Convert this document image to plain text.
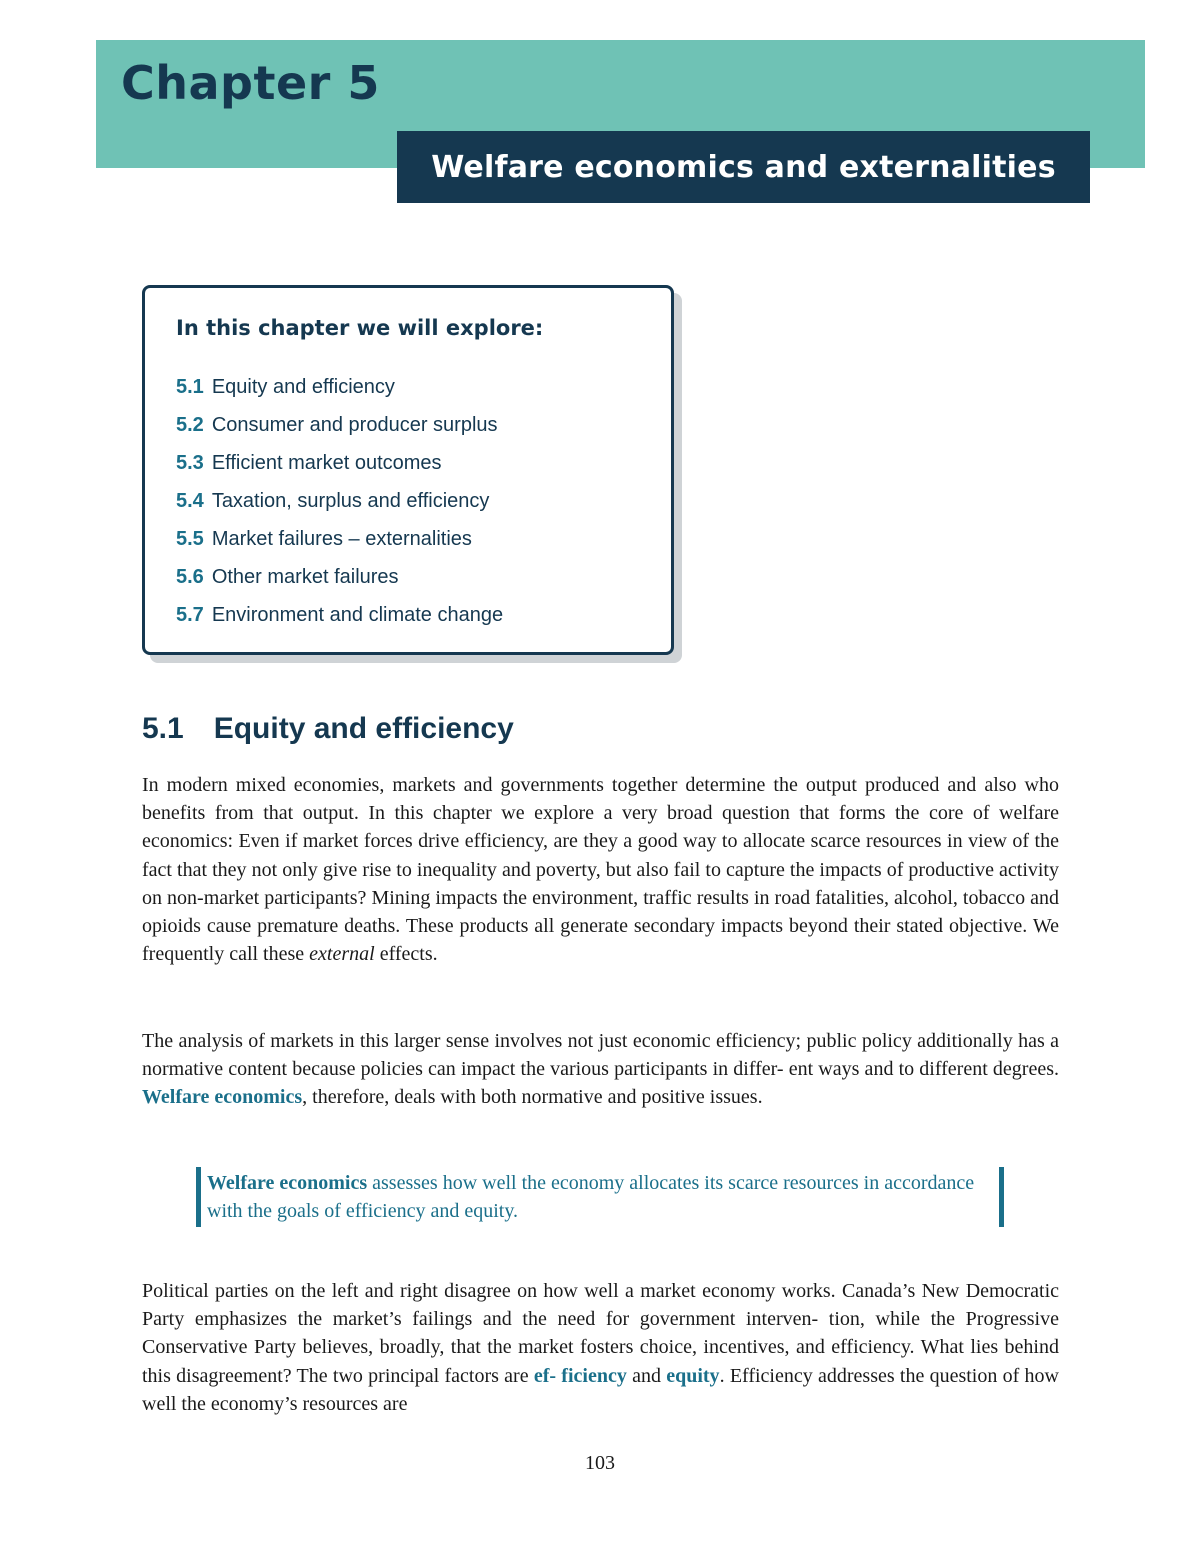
Chapter 5
Welfare economics and externalities
In this chapter we will explore:
5.1 Equity and efficiency
5.2 Consumer and producer surplus
5.3 Efficient market outcomes
5.4 Taxation, surplus and efficiency
5.5 Market failures – externalities
5.6 Other market failures
5.7 Environment and climate change
5.1 Equity and efficiency

In modern mixed economies, markets and governments together determine the output produced and also who benefits from that output. In this chapter we explore a very broad question that forms the core of welfare economics: Even if market forces drive efficiency, are they a good way to allocate scarce resources in view of the fact that they not only give rise to inequality and poverty, but also fail to capture the impacts of productive activity on non-market participants? Mining impacts the environment, traffic results in road fatalities, alcohol, tobacco and opioids cause premature deaths. These products all generate secondary impacts beyond their stated objective. We frequently call these external effects.

The analysis of markets in this larger sense involves not just economic efficiency; public policy additionally has a normative content because policies can impact the various participants in differ- ent ways and to different degrees. Welfare economics, therefore, deals with both normative and positive issues.

Welfare economics assesses how well the economy allocates its scarce resources in accordance with the goals of efficiency and equity.

Political parties on the left and right disagree on how well a market economy works. Canada’s New Democratic Party emphasizes the market’s failings and the need for government interven- tion, while the Progressive Conservative Party believes, broadly, that the market fosters choice, incentives, and efficiency. What lies behind this disagreement? The two principal factors are ef- ficiency and equity. Efficiency addresses the question of how well the economy’s resources are

103
